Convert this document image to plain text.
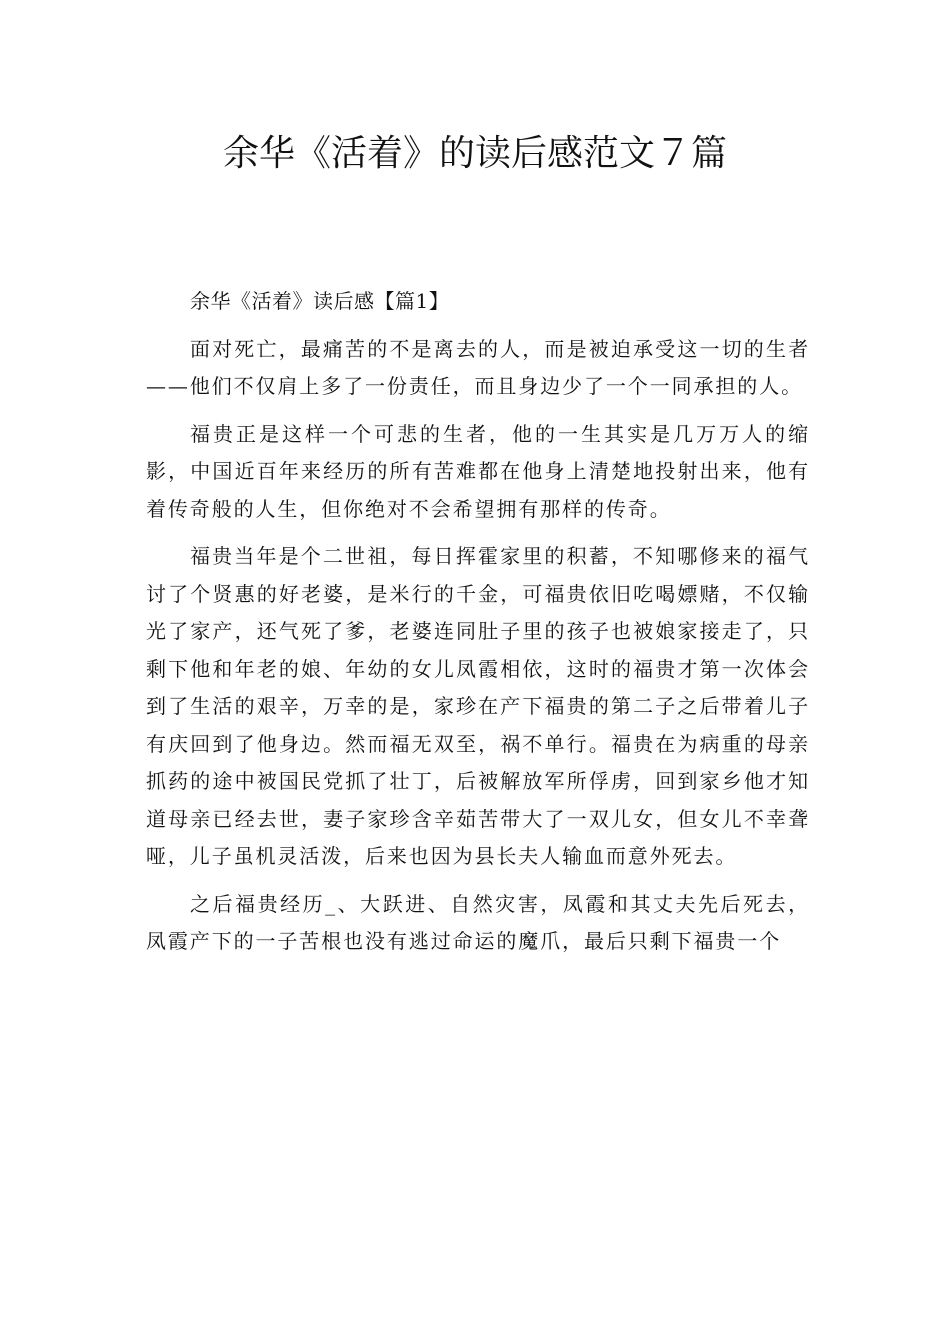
余华《活着》的读后感范文７篇

余华《活着》读后感【篇1】

面对死亡，最痛苦的不是离去的人，而是被迫承受这一切的生者——他们不仅肩上多了一份责任，而且身边少了一个一同承担的人。

福贵正是这样一个可悲的生者，他的一生其实是几万万人的缩影，中国近百年来经历的所有苦难都在他身上清楚地投射出来，他有着传奇般的人生，但你绝对不会希望拥有那样的传奇。

福贵当年是个二世祖，每日挥霍家里的积蓄，不知哪修来的福气讨了个贤惠的好老婆，是米行的千金，可福贵依旧吃喝嫖赌，不仅输光了家产，还气死了爹，老婆连同肚子里的孩子也被娘家接走了，只剩下他和年老的娘、年幼的女儿凤霞相依，这时的福贵才第一次体会到了生活的艰辛，万幸的是，家珍在产下福贵的第二子之后带着儿子有庆回到了他身边。然而福无双至，祸不单行。福贵在为病重的母亲抓药的途中被国民党抓了壮丁，后被解放军所俘虏，回到家乡他才知道母亲已经去世，妻子家珍含辛茹苦带大了一双儿女，但女儿不幸聋哑，儿子虽机灵活泼，后来也因为县长夫人输血而意外死去。

之后福贵经历_、大跃进、自然灾害，凤霞和其丈夫先后死去，凤霞产下的一子苦根也没有逃过命运的魔爪，最后只剩下福贵一个
